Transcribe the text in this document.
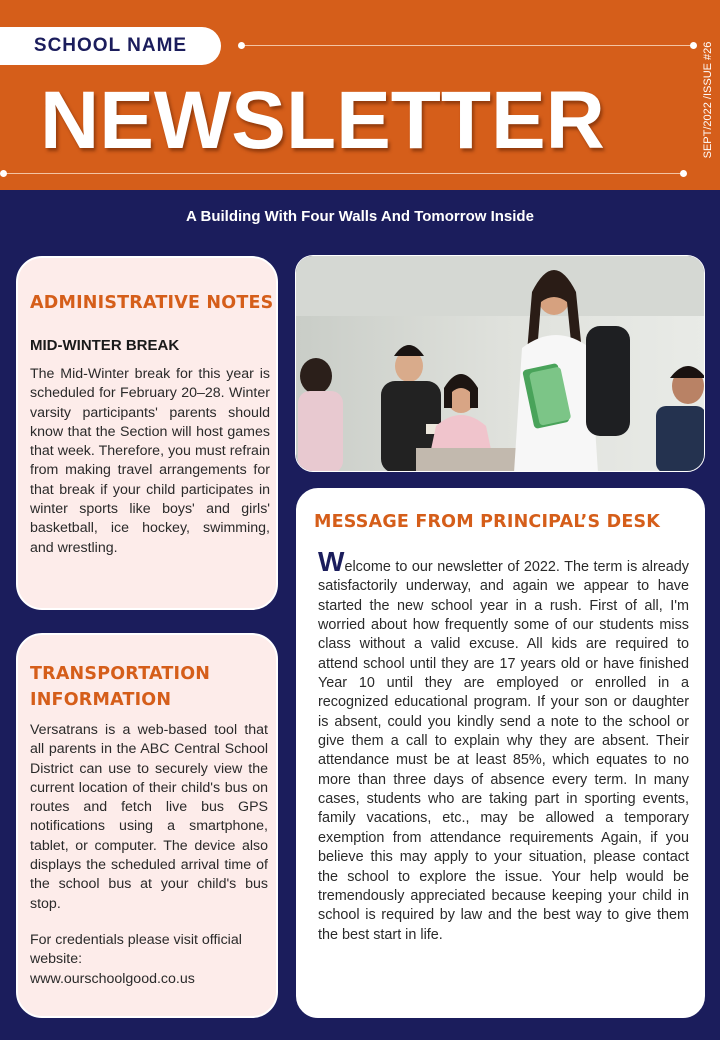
SCHOOL NAME
NEWSLETTER	SEPT/2022 /ISSUE #26
A Building With Four Walls And Tomorrow Inside
ADMINISTRATIVE NOTES
MID-WINTER BREAK
The Mid-Winter break for this year is scheduled for February 20–28. Winter varsity participants' parents should know that the Section will host games that week. Therefore, you must refrain from making travel arrangements for that break if your child participates in winter sports like boys' and girls' basketball, ice hockey, swimming, and wrestling.
TRANSPORTATION
INFORMATION
Versatrans is a web-based tool that all parents in the ABC Central School District can use to securely view the current location of their child's bus on routes and fetch live bus GPS notifications using a smartphone, tablet, or computer. The device also displays the scheduled arrival time of the school bus at your child's bus stop.
For credentials please visit official website:
www.ourschoolgood.co.us
MESSAGE FROM PRINCIPAL’S DESK
Welcome to our newsletter of 2022. The term is already satisfactorily underway, and again we appear to have started the new school year in a rush. First of all, I'm worried about how frequently some of our students miss class without a valid excuse. All kids are required to attend school until they are 17 years old or have finished Year 10 until they are employed or enrolled in a recognized educational program. If your son or daughter is absent, could you kindly send a note to the school or give them a call to explain why they are absent. Their attendance must be at least 85%, which equates to no more than three days of absence every term. In many cases, students who are taking part in sporting events, family vacations, etc., may be allowed a temporary exemption from attendance requirements Again, if you believe this may apply to your situation, please contact the school to explore the issue. Your help would be tremendously appreciated because keeping your child in school is required by law and the best way to give them the best start in life.
